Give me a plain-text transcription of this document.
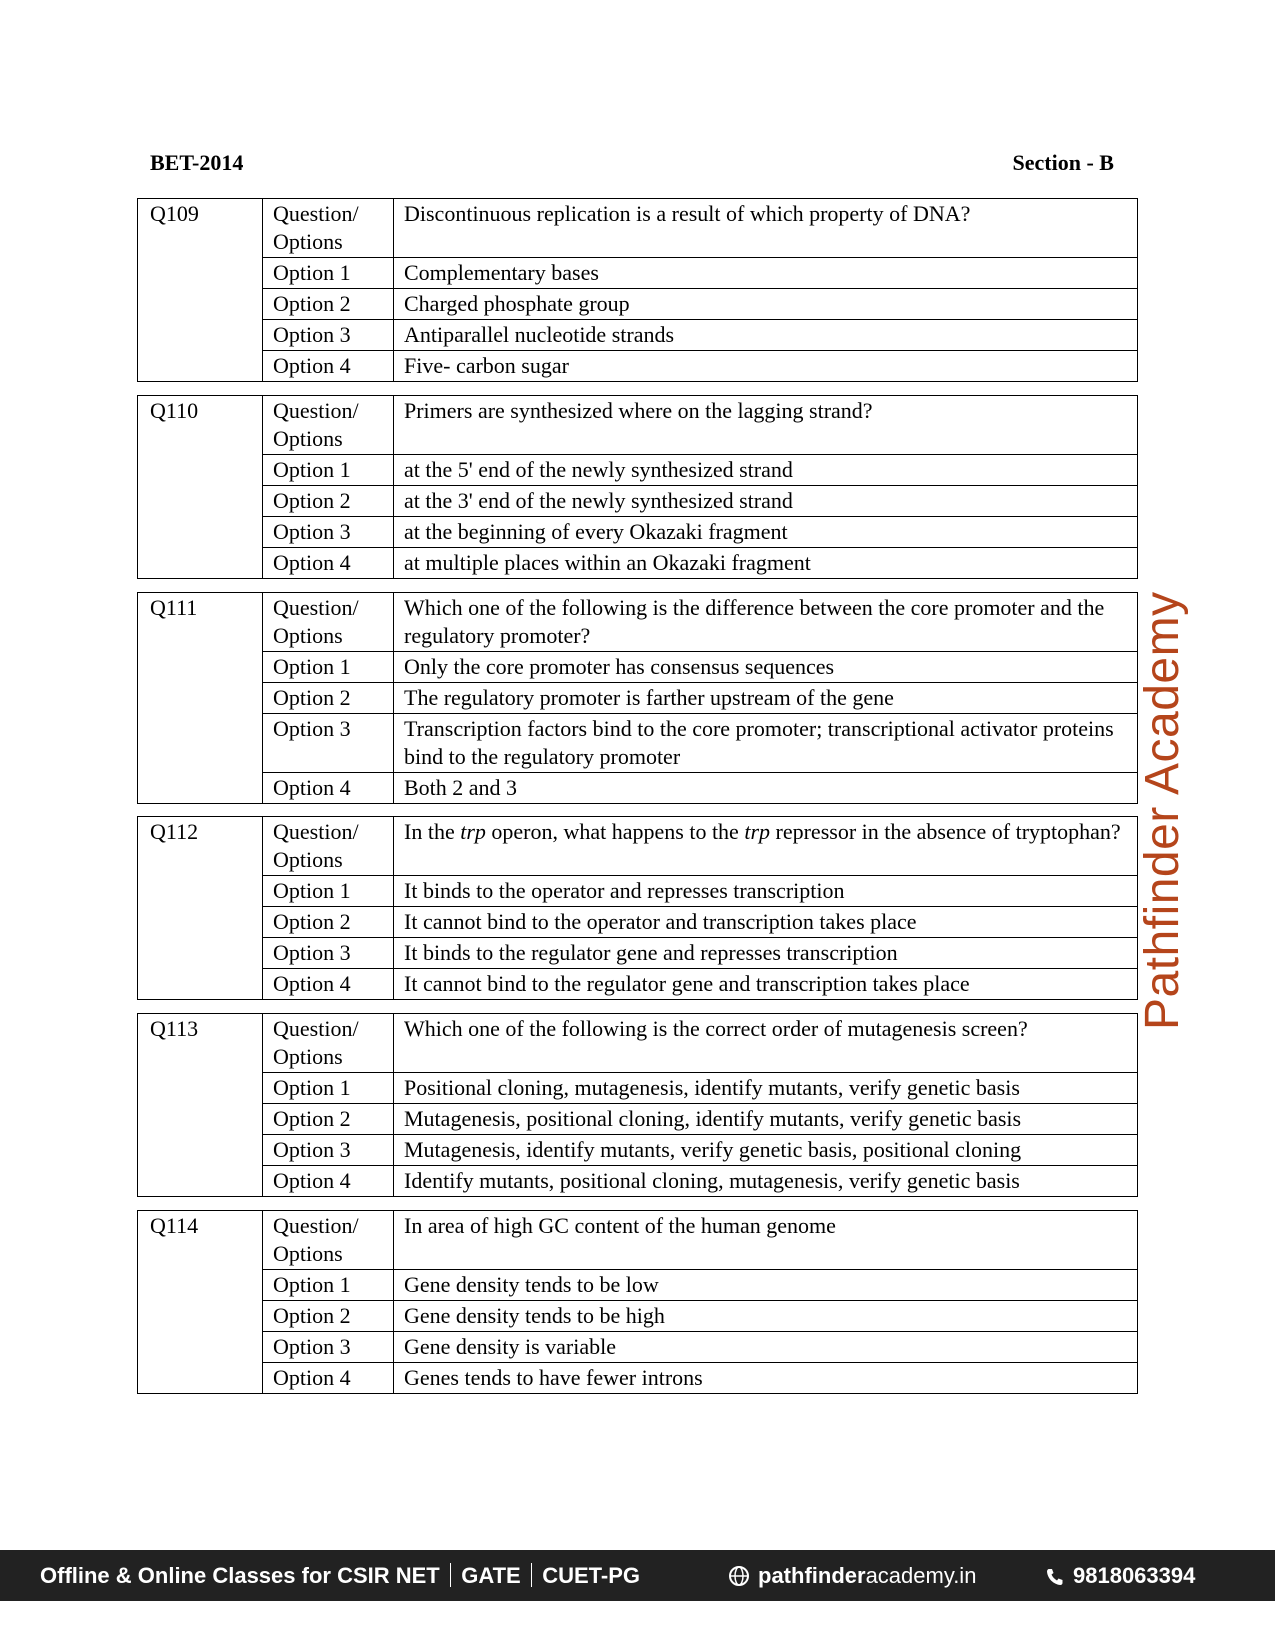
BET-2014	Section - B
Q109	Question/ Options	Discontinuous replication is a result of which property of DNA?
	Option 1	Complementary bases
	Option 2	Charged phosphate group
	Option 3	Antiparallel nucleotide strands
	Option 4	Five- carbon sugar
Q110	Question/ Options	Primers are synthesized where on the lagging strand?
	Option 1	at the 5' end of the newly synthesized strand
	Option 2	at the 3' end of the newly synthesized strand
	Option 3	at the beginning of every Okazaki fragment
	Option 4	at multiple places within an Okazaki fragment
Q111	Question/ Options	Which one of the following is the difference between the core promoter and the regulatory promoter?
	Option 1	Only the core promoter has consensus sequences
	Option 2	The regulatory promoter is farther upstream of the gene
	Option 3	Transcription factors bind to the core promoter; transcriptional activator proteins bind to the regulatory promoter
	Option 4	Both 2 and 3
Q112	Question/ Options	In the trp operon, what happens to the trp repressor in the absence of tryptophan?
	Option 1	It binds to the operator and represses transcription
	Option 2	It cannot bind to the operator and transcription takes place
	Option 3	It binds to the regulator gene and represses transcription
	Option 4	It cannot bind to the regulator gene and transcription takes place
Q113	Question/ Options	Which one of the following is the correct order of mutagenesis screen?
	Option 1	Positional cloning, mutagenesis, identify mutants, verify genetic basis
	Option 2	Mutagenesis, positional cloning, identify mutants, verify genetic basis
	Option 3	Mutagenesis, identify mutants, verify genetic basis, positional cloning
	Option 4	Identify mutants, positional cloning, mutagenesis, verify genetic basis
Q114	Question/ Options	In area of high GC content of the human genome
	Option 1	Gene density tends to be low
	Option 2	Gene density tends to be high
	Option 3	Gene density is variable
	Option 4	Genes tends to have fewer introns
Pathfinder Academy
Offline & Online Classes for CSIR NET GATE CUET-PG	pathfinderacademy.in	9818063394
